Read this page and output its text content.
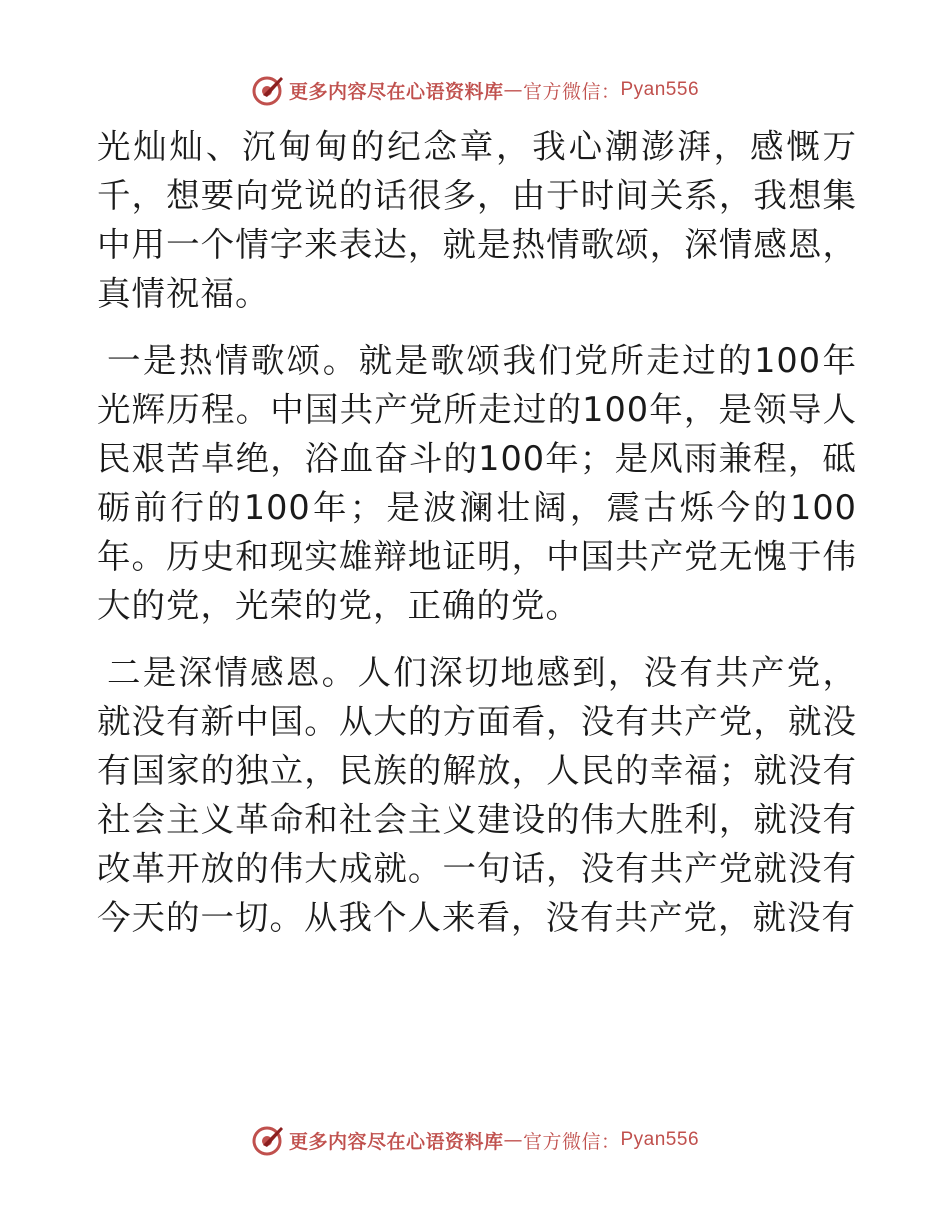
更多内容尽在心语资料库 — 官方微信： Pyan556

光灿灿、沉甸甸的纪念章，我心潮澎湃，感慨万千，想要向党说的话很多，由于时间关系，我想集中用一个情字来表达，就是热情歌颂，深情感恩，真情祝福。

一是热情歌颂。就是歌颂我们党所走过的100年光辉历程。中国共产党所走过的100年，是领导人民艰苦卓绝，浴血奋斗的100年；是风雨兼程，砥砺前行的100年；是波澜壮阔，震古烁今的100年。历史和现实雄辩地证明，中国共产党无愧于伟大的党，光荣的党，正确的党。

二是深情感恩。人们深切地感到，没有共产党，就没有新中国。从大的方面看，没有共产党，就没有国家的独立，民族的解放，人民的幸福；就没有社会主义革命和社会主义建设的伟大胜利，就没有改革开放的伟大成就。一句话，没有共产党就没有今天的一切。从我个人来看，没有共产党，就没有

更多内容尽在心语资料库 — 官方微信： Pyan556
